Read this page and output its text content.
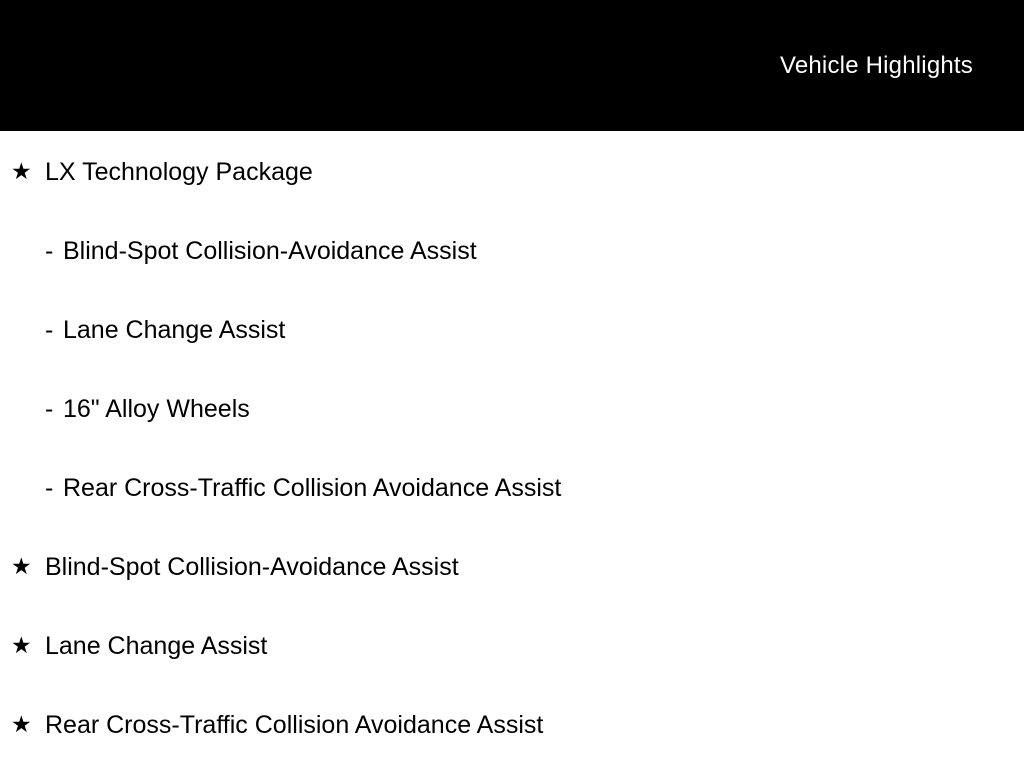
Vehicle Highlights
★ LX Technology Package
- Blind-Spot Collision-Avoidance Assist
- Lane Change Assist
- 16" Alloy Wheels
- Rear Cross-Traffic Collision Avoidance Assist
★ Blind-Spot Collision-Avoidance Assist
★ Lane Change Assist
★ Rear Cross-Traffic Collision Avoidance Assist
